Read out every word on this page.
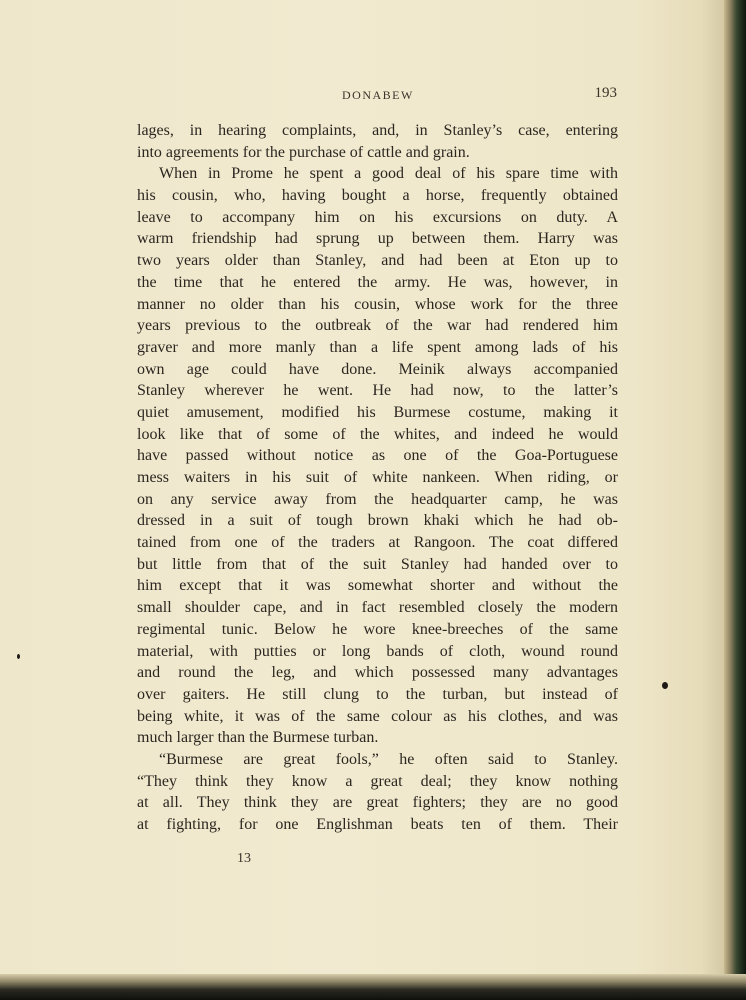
DONABEW	193
lages, in hearing complaints, and, in Stanley’s case, entering
into agreements for the purchase of cattle and grain.
When in Prome he spent a good deal of his spare time with
his cousin, who, having bought a horse, frequently obtained
leave to accompany him on his excursions on duty. A
warm friendship had sprung up between them. Harry was
two years older than Stanley, and had been at Eton up to
the time that he entered the army. He was, however, in
manner no older than his cousin, whose work for the three
years previous to the outbreak of the war had rendered him
graver and more manly than a life spent among lads of his
own age could have done. Meinik always accompanied
Stanley wherever he went. He had now, to the latter’s
quiet amusement, modified his Burmese costume, making it
look like that of some of the whites, and indeed he would
have passed without notice as one of the Goa-Portuguese
mess waiters in his suit of white nankeen. When riding, or
on any service away from the headquarter camp, he was
dressed in a suit of tough brown khaki which he had ob-
tained from one of the traders at Rangoon. The coat differed
but little from that of the suit Stanley had handed over to
him except that it was somewhat shorter and without the
small shoulder cape, and in fact resembled closely the modern
regimental tunic. Below he wore knee-breeches of the same
material, with putties or long bands of cloth, wound round
and round the leg, and which possessed many advantages
over gaiters. He still clung to the turban, but instead of
being white, it was of the same colour as his clothes, and was
much larger than the Burmese turban.
“Burmese are great fools,” he often said to Stanley.
“They think they know a great deal; they know nothing
at all. They think they are great fighters; they are no good
at fighting, for one Englishman beats ten of them. Their
13
